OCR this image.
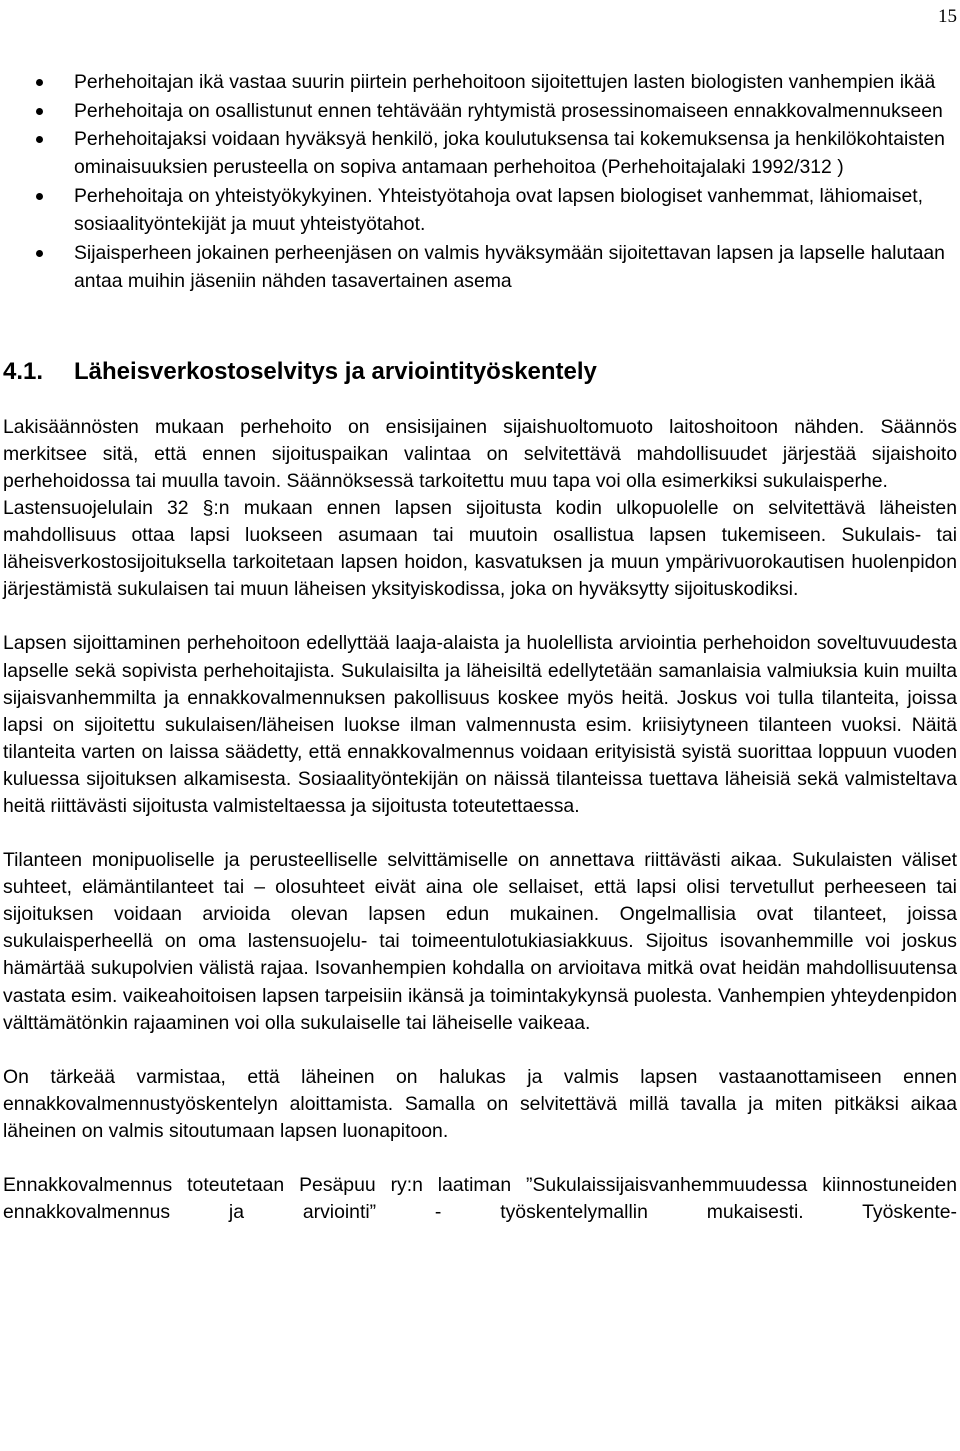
15
Perhehoitajan ikä vastaa suurin piirtein perhehoitoon sijoitettujen lasten biologisten vanhempien ikää
Perhehoitaja on osallistunut ennen tehtävään ryhtymistä prosessinomaiseen ennakkovalmennukseen
Perhehoitajaksi voidaan hyväksyä henkilö, joka koulutuksensa tai kokemuksensa ja henkilökohtaisten ominaisuuksien perusteella on sopiva antamaan perhehoitoa (Perhehoitajalaki 1992/312 )
Perhehoitaja on yhteistyökykyinen. Yhteistyötahoja ovat lapsen biologiset vanhemmat, lähiomaiset, sosiaalityöntekijät ja muut yhteistyötahot.
Sijaisperheen jokainen perheenjäsen on valmis hyväksymään sijoitettavan lapsen ja lapselle halutaan antaa muihin jäseniin nähden tasavertainen asema
4.1.	Läheisverkostoselvitys ja arviointityöskentely

Lakisäännösten mukaan perhehoito on ensisijainen sijaishuoltomuoto laitoshoitoon nähden. Säännös merkitsee sitä, että ennen sijoituspaikan valintaa on selvitettävä mahdollisuudet järjestää sijaishoito perhehoidossa tai muulla tavoin. Säännöksessä tarkoitettu muu tapa voi olla esimerkiksi sukulaisperhe.

Lastensuojelulain 32 §:n mukaan ennen lapsen sijoitusta kodin ulkopuolelle on selvitettävä läheisten mahdollisuus ottaa lapsi luokseen asumaan tai muutoin osallistua lapsen tukemiseen. Sukulais- tai läheisverkostosijoituksella tarkoitetaan lapsen hoidon, kasvatuksen ja muun ympärivuorokautisen huolenpidon järjestämistä sukulaisen tai muun läheisen yksityiskodissa, joka on hyväksytty sijoituskodiksi.

Lapsen sijoittaminen perhehoitoon edellyttää laaja-alaista ja huolellista arviointia perhehoidon soveltuvuudesta lapselle sekä sopivista perhehoitajista. Sukulaisilta ja läheisiltä edellytetään samanlaisia valmiuksia kuin muilta sijaisvanhemmilta ja ennakkovalmennuksen pakollisuus koskee myös heitä. Joskus voi tulla tilanteita, joissa lapsi on sijoitettu sukulaisen/läheisen luokse ilman valmennusta esim. kriisiytyneen tilanteen vuoksi. Näitä tilanteita varten on laissa säädetty, että ennakkovalmennus voidaan erityisistä syistä suorittaa loppuun vuoden kuluessa sijoituksen alkamisesta. Sosiaalityöntekijän on näissä tilanteissa tuettava läheisiä sekä valmisteltava heitä riittävästi sijoitusta valmisteltaessa ja sijoitusta toteutettaessa.

Tilanteen monipuoliselle ja perusteelliselle selvittämiselle on annettava riittävästi aikaa. Sukulaisten väliset suhteet, elämäntilanteet tai – olosuhteet eivät aina ole sellaiset, että lapsi olisi tervetullut perheeseen tai sijoituksen voidaan arvioida olevan lapsen edun mukainen. Ongelmallisia ovat tilanteet, joissa sukulaisperheellä on oma lastensuojelu- tai toimeentulotukiasiakkuus. Sijoitus isovanhemmille voi joskus hämärtää sukupolvien välistä rajaa. Isovanhempien kohdalla on arvioitava mitkä ovat heidän mahdollisuutensa vastata esim. vaikeahoitoisen lapsen tarpeisiin ikänsä ja toimintakykynsä puolesta. Vanhempien yhteydenpidon välttämätönkin rajaaminen voi olla sukulaiselle tai läheiselle vaikeaa.

On tärkeää varmistaa, että läheinen on halukas ja valmis lapsen vastaanottamiseen ennen ennakkovalmennustyöskentelyn aloittamista. Samalla on selvitettävä millä tavalla ja miten pitkäksi aikaa läheinen on valmis sitoutumaan lapsen luonapitoon.

Ennakkovalmennus toteutetaan Pesäpuu ry:n laatiman ”Sukulaissijaisvanhemmuudessa kiinnostuneiden ennakkovalmennus ja arviointi” - työskentelymallin mukaisesti. Työskente-
